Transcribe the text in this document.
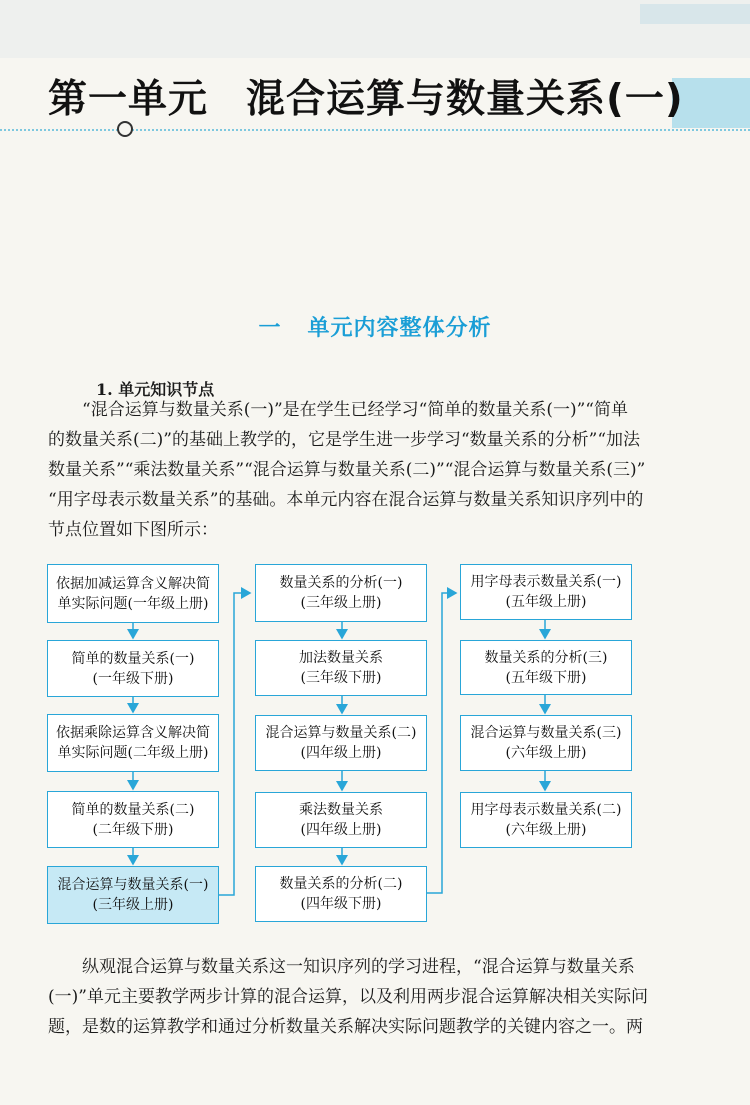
第一单元 混合运算与数量关系(一)
一 单元内容整体分析
1. 单元知识节点
“混合运算与数量关系(一)”是在学生已经学习“简单的数量关系(一)”“简单
的数量关系(二)”的基础上教学的，它是学生进一步学习“数量关系的分析”“加法
数量关系”“乘法数量关系”“混合运算与数量关系(二)”“混合运算与数量关系(三)”
“用字母表示数量关系”的基础。本单元内容在混合运算与数量关系知识序列中的
节点位置如下图所示：
依据加减运算含义解决简
单实际问题(一年级上册)
简单的数量关系(一)
(一年级下册)
依据乘除运算含义解决简
单实际问题(二年级上册)
简单的数量关系(二)
(二年级下册)
混合运算与数量关系(一)
(三年级上册)
数量关系的分析(一)
(三年级上册)
加法数量关系
(三年级下册)
混合运算与数量关系(二)
(四年级上册)
乘法数量关系
(四年级上册)
数量关系的分析(二)
(四年级下册)
用字母表示数量关系(一)
(五年级上册)
数量关系的分析(三)
(五年级下册)
混合运算与数量关系(三)
(六年级上册)
用字母表示数量关系(二)
(六年级上册)
纵观混合运算与数量关系这一知识序列的学习进程，“混合运算与数量关系
(一)”单元主要教学两步计算的混合运算，以及利用两步混合运算解决相关实际问
题，是数的运算教学和通过分析数量关系解决实际问题教学的关键内容之一。两
